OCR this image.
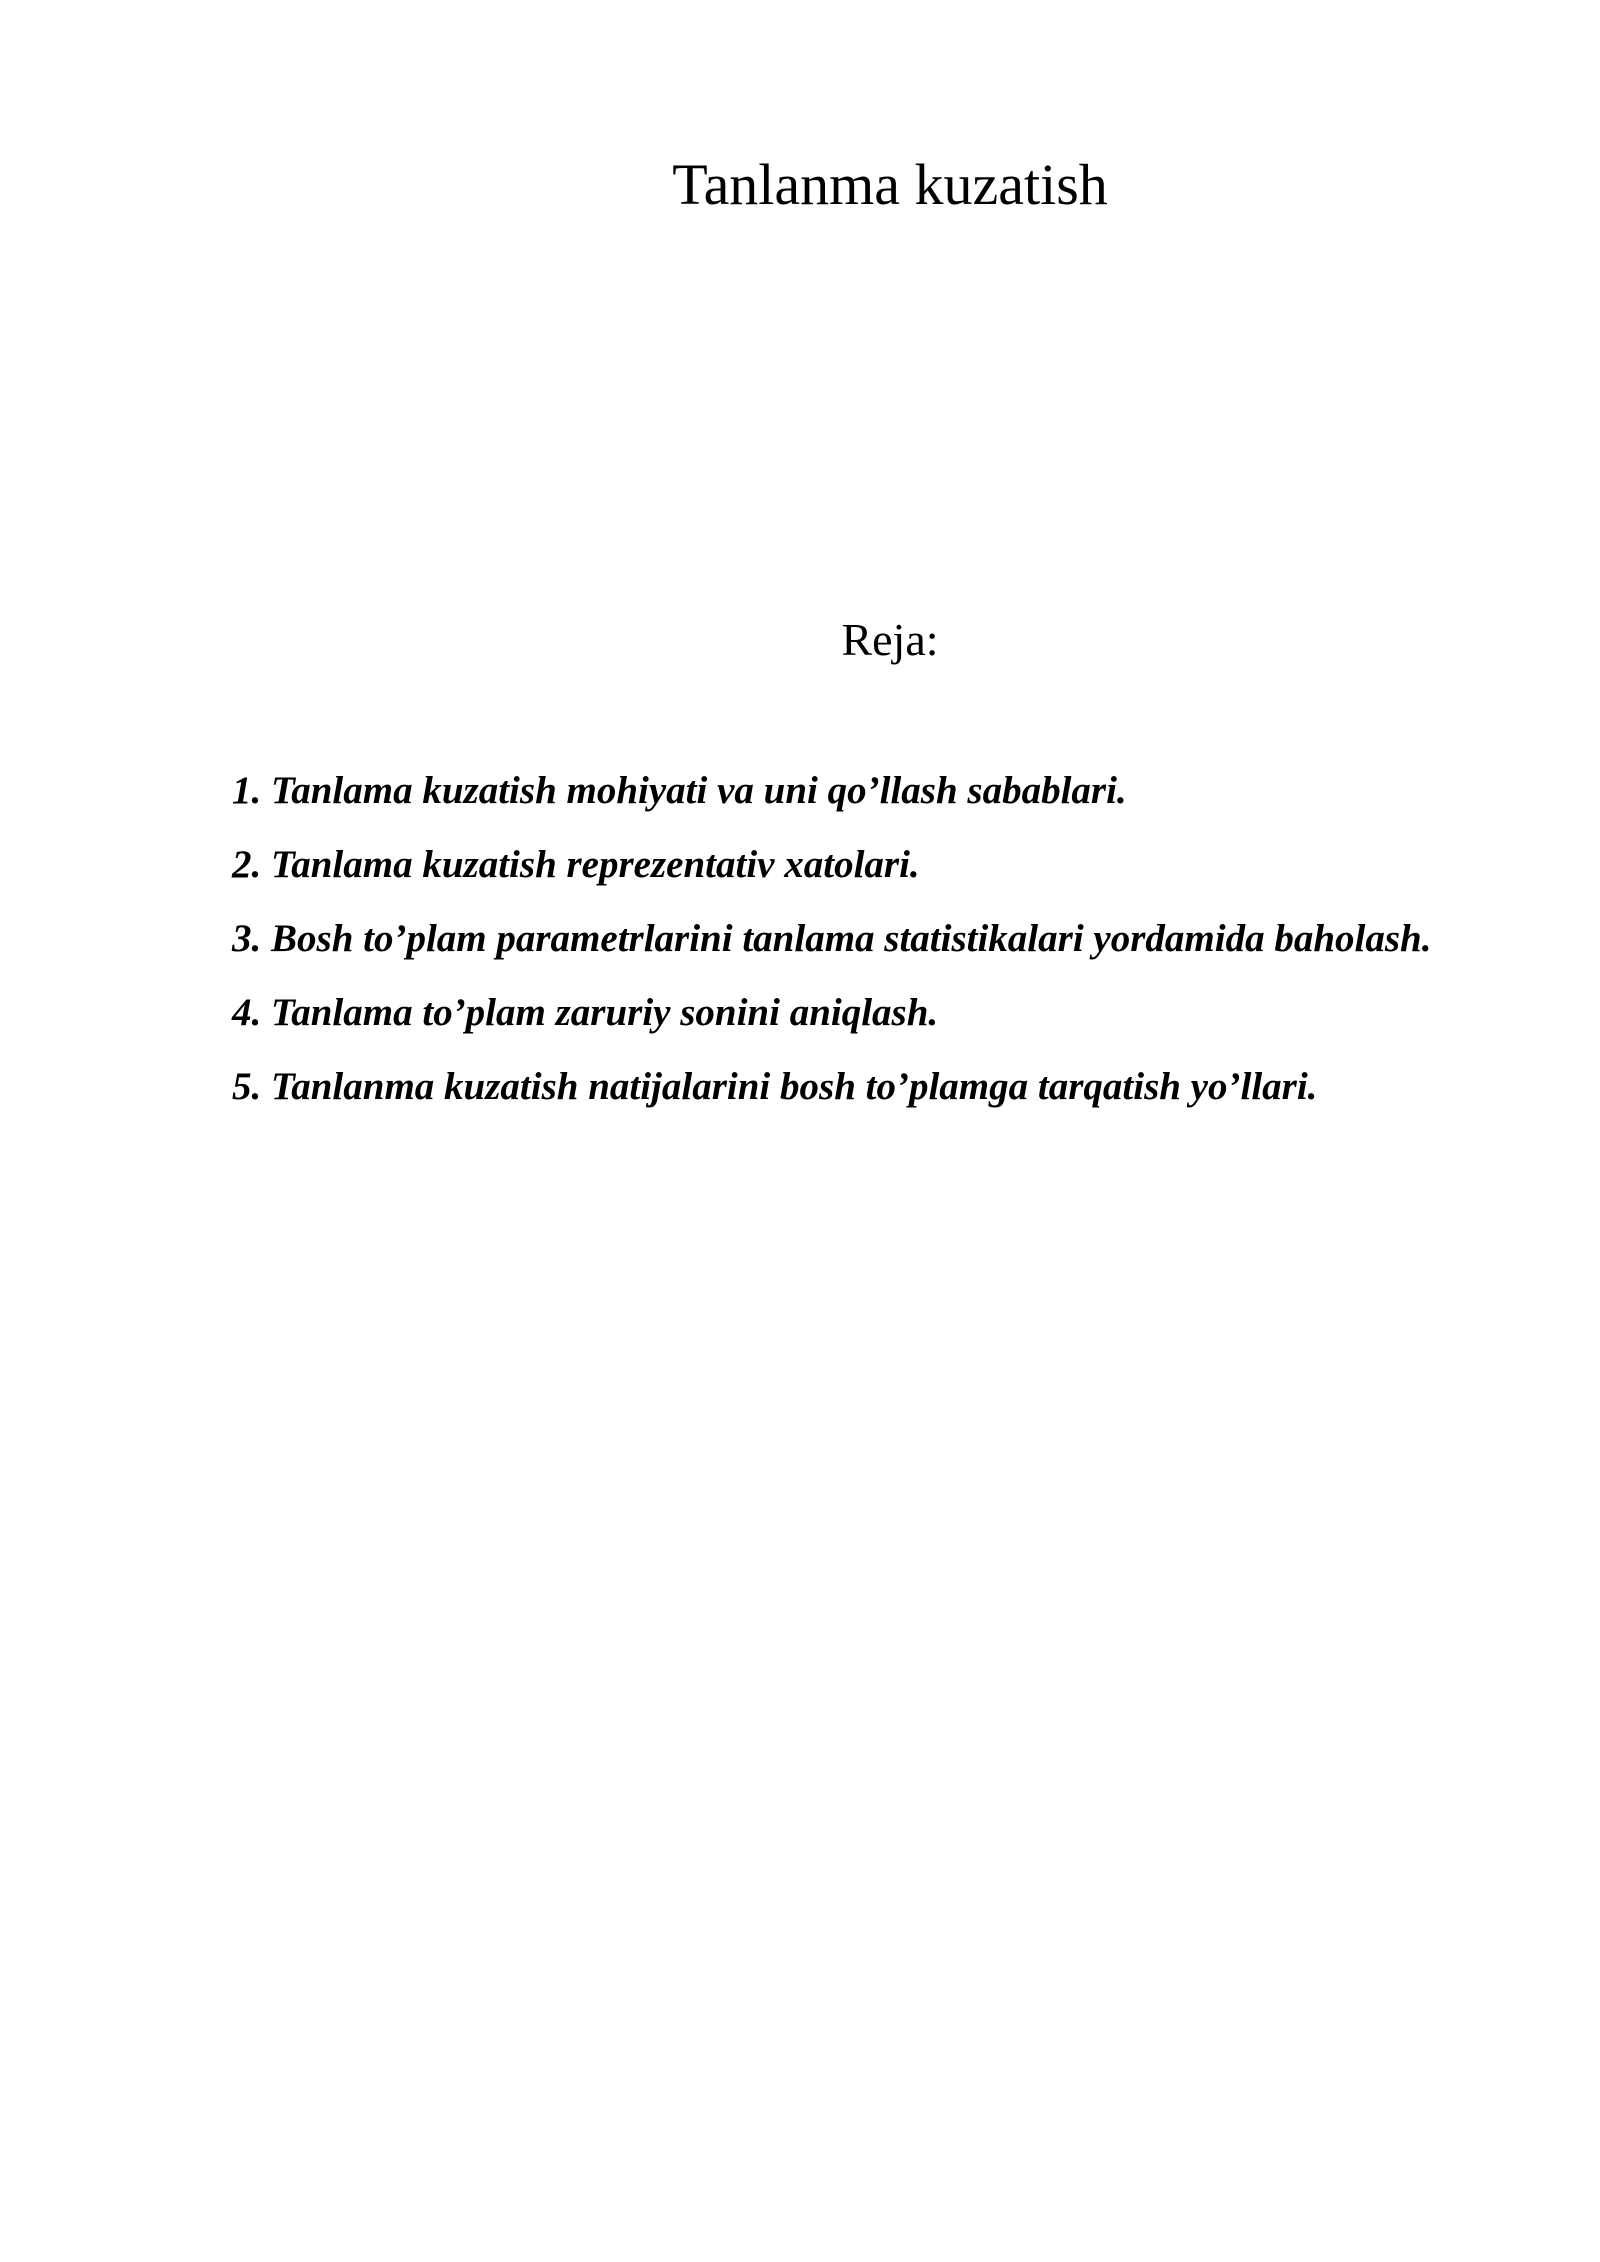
Tanlanma kuzatish
Reja:
1. Tanlama kuzatish mohiyati va uni qo’llash sabablari.
2. Tanlama kuzatish reprezentativ xatolari.
3. Bosh to’plam parametrlarini tanlama statistikalari yordamida baholash.
4. Tanlama to’plam zaruriy sonini aniqlash.
5. Tanlanma kuzatish natijalarini bosh to’plamga tarqatish yo’llari.
